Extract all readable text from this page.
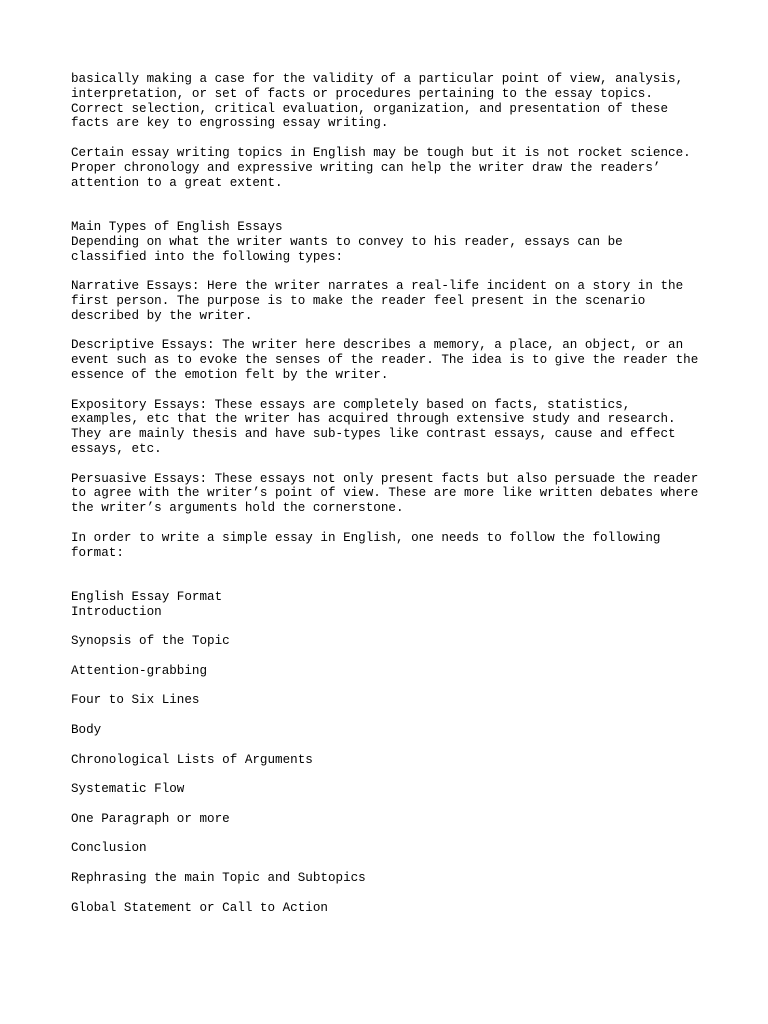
basically making a case for the validity of a particular point of view, analysis,
interpretation, or set of facts or procedures pertaining to the essay topics.
Correct selection, critical evaluation, organization, and presentation of these
facts are key to engrossing essay writing.

Certain essay writing topics in English may be tough but it is not rocket science.
Proper chronology and expressive writing can help the writer draw the readers’
attention to a great extent.

Main Types of English Essays

Depending on what the writer wants to convey to his reader, essays can be
classified into the following types:

Narrative Essays: Here the writer narrates a real-life incident on a story in the
first person. The purpose is to make the reader feel present in the scenario
described by the writer.

Descriptive Essays: The writer here describes a memory, a place, an object, or an
event such as to evoke the senses of the reader. The idea is to give the reader the
essence of the emotion felt by the writer.

Expository Essays: These essays are completely based on facts, statistics,
examples, etc that the writer has acquired through extensive study and research.
They are mainly thesis and have sub-types like contrast essays, cause and effect
essays, etc.

Persuasive Essays: These essays not only present facts but also persuade the reader
to agree with the writer’s point of view. These are more like written debates where
the writer’s arguments hold the cornerstone.

In order to write a simple essay in English, one needs to follow the following
format:

English Essay Format

Introduction

Synopsis of the Topic

Attention-grabbing

Four to Six Lines

Body

Chronological Lists of Arguments

Systematic Flow

One Paragraph or more

Conclusion

Rephrasing the main Topic and Subtopics

Global Statement or Call to Action
